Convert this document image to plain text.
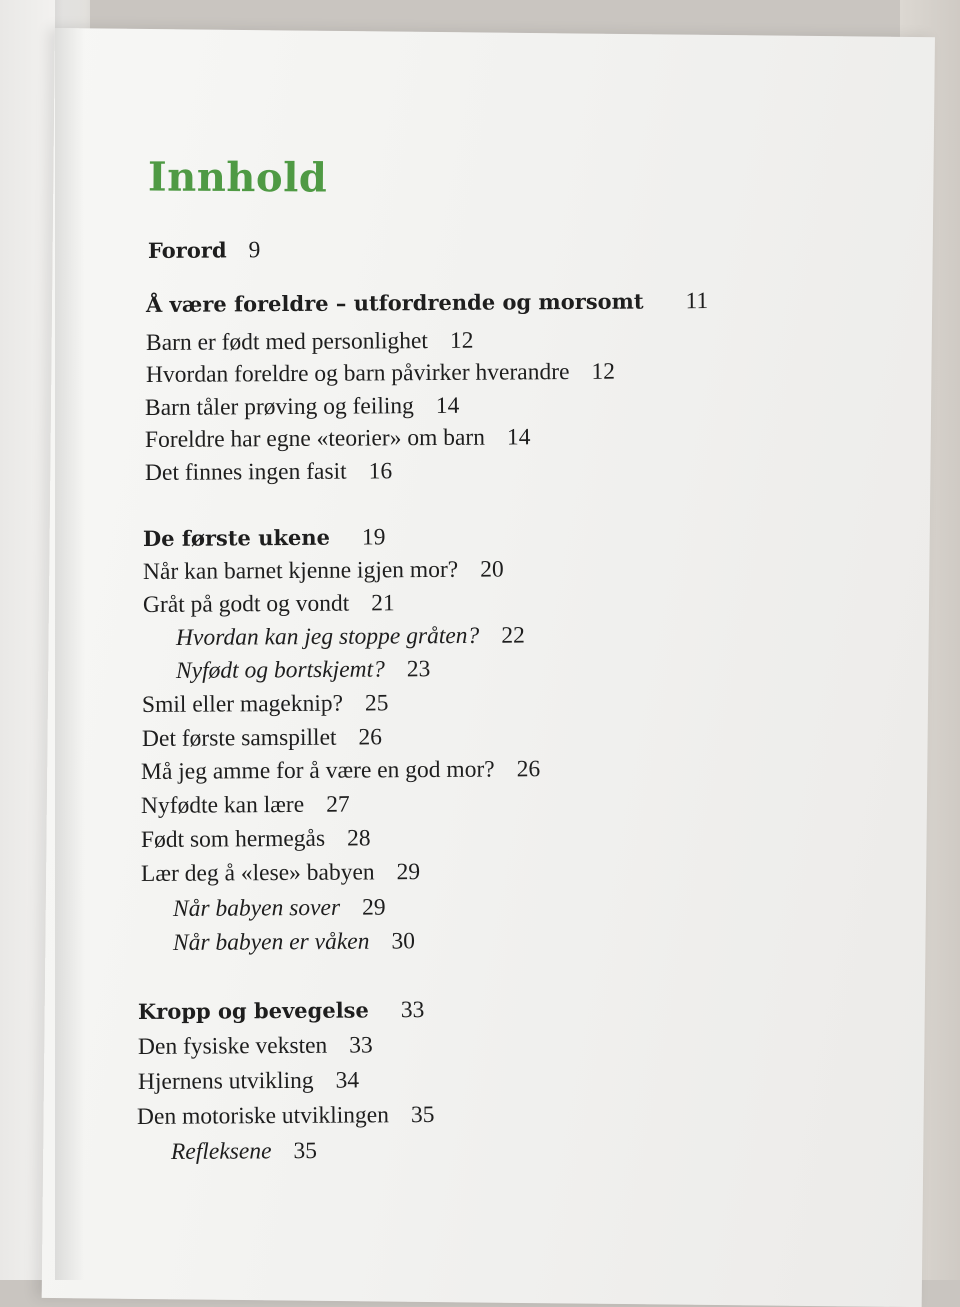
Innhold
Forord 9
Å være foreldre – utfordrende og morsomt 11
Barn er født med personlighet 12
Hvordan foreldre og barn påvirker hverandre 12
Barn tåler prøving og feiling 14
Foreldre har egne «teorier» om barn 14
Det finnes ingen fasit 16
De første ukene 19
Når kan barnet kjenne igjen mor? 20
Gråt på godt og vondt 21
Hvordan kan jeg stoppe gråten? 22
Nyfødt og bortskjemt? 23
Smil eller mageknip? 25
Det første samspillet 26
Må jeg amme for å være en god mor? 26
Nyfødte kan lære 27
Født som hermegås 28
Lær deg å «lese» babyen 29
Når babyen sover 29
Når babyen er våken 30
Kropp og bevegelse 33
Den fysiske veksten 33
Hjernens utvikling 34
Den motoriske utviklingen 35
Refleksene 35
